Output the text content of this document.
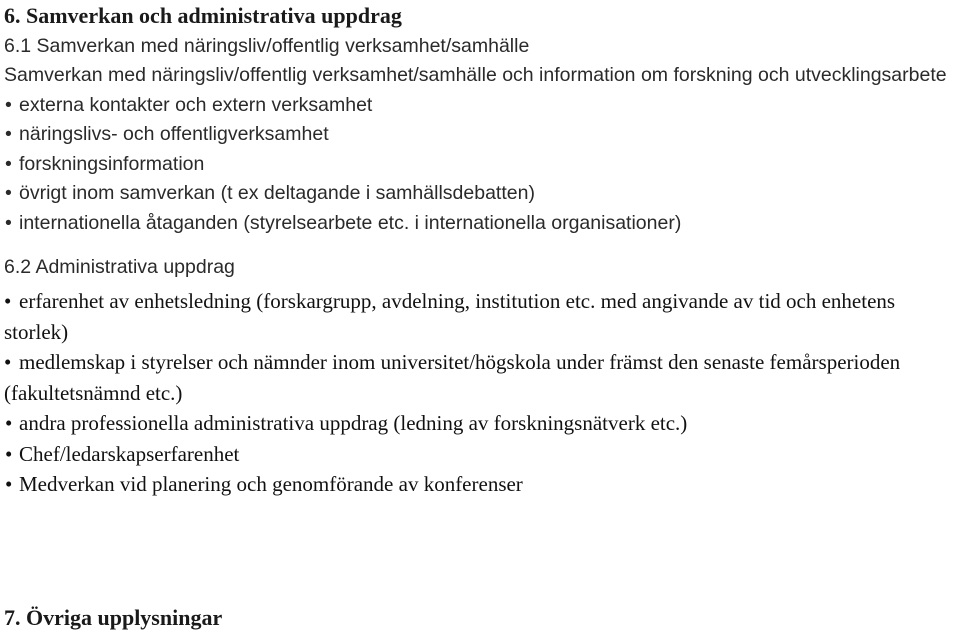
6. Samverkan och administrativa uppdrag
6.1 Samverkan med näringsliv/offentlig verksamhet/samhälle

Samverkan med näringsliv/offentlig verksamhet/samhälle och information om forskning och utvecklingsarbete

• externa kontakter och extern verksamhet
• näringslivs- och offentligverksamhet
• forskningsinformation
• övrigt inom samverkan (t ex deltagande i samhällsdebatten)
• internationella åtaganden (styrelsearbete etc. i internationella organisationer)
6.2 Administrativa uppdrag
• erfarenhet av enhetsledning (forskargrupp, avdelning, institution etc. med angivande av tid och enhetens storlek)
• medlemskap i styrelser och nämnder inom universitet/högskola under främst den senaste femårsperioden (fakultetsnämnd etc.)
• andra professionella administrativa uppdrag (ledning av forskningsnätverk etc.)
• Chef/ledarskapserfarenhet
• Medverkan vid planering och genomförande av konferenser
7. Övriga upplysningar
